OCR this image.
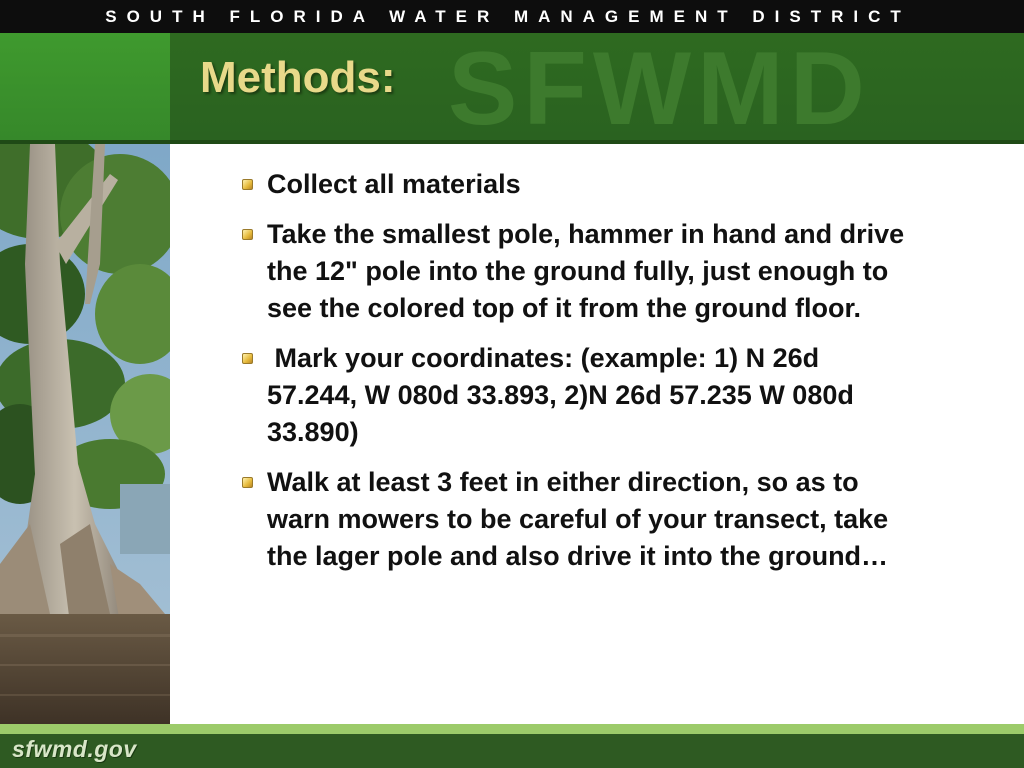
SOUTH FLORIDA WATER MANAGEMENT DISTRICT
SFWMD
Methods:
Collect all materials
Take the smallest pole, hammer in hand and drive the 12" pole into the ground fully, just enough to see the colored top of it from the ground floor.
Mark your coordinates: (example: 1) N 26d 57.244, W 080d 33.893, 2)N 26d 57.235 W 080d 33.890)
Walk at least 3 feet in either direction, so as to warn mowers to be careful of your transect, take the lager pole and also drive it into the ground…
sfwmd.gov
